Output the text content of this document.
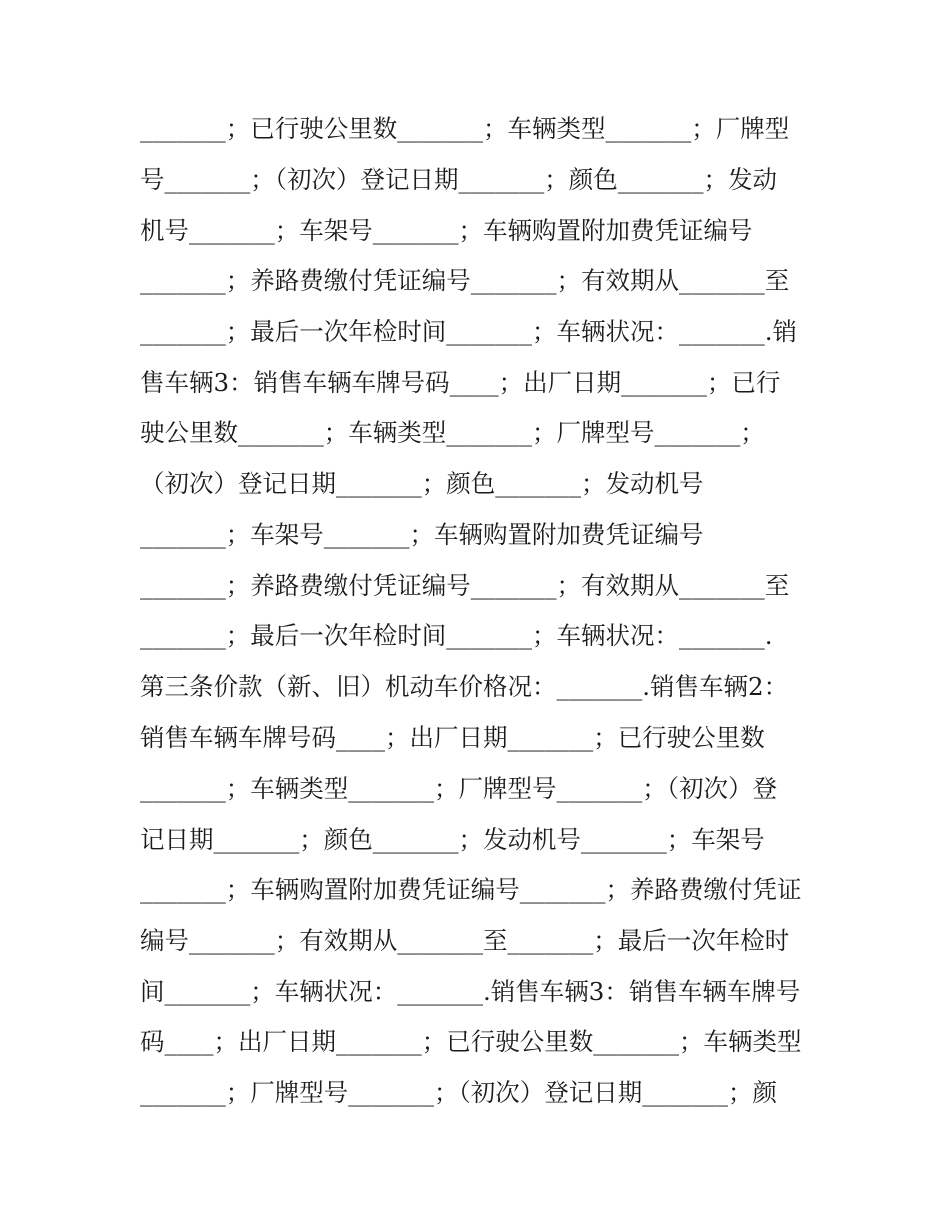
_______；已行驶公里数_______；车辆类型_______；厂牌型
号_______；（初次）登记日期_______；颜色_______；发动
机号_______；车架号_______；车辆购置附加费凭证编号
_______；养路费缴付凭证编号_______；有效期从_______至
_______；最后一次年检时间_______；车辆状况：_______.销
售车辆3：销售车辆车牌号码____；出厂日期_______；已行
驶公里数_______；车辆类型_______；厂牌型号_______；
（初次）登记日期_______；颜色_______；发动机号
_______；车架号_______；车辆购置附加费凭证编号
_______；养路费缴付凭证编号_______；有效期从_______至
_______；最后一次年检时间_______；车辆状况：_______.
第三条价款（新、旧）机动车价格况：_______.销售车辆2：
销售车辆车牌号码____；出厂日期_______；已行驶公里数
_______；车辆类型_______；厂牌型号_______；（初次）登
记日期_______；颜色_______；发动机号_______；车架号
_______；车辆购置附加费凭证编号_______；养路费缴付凭证
编号_______；有效期从_______至_______；最后一次年检时
间_______；车辆状况：_______.销售车辆3：销售车辆车牌号
码____；出厂日期_______；已行驶公里数_______；车辆类型
_______；厂牌型号_______；（初次）登记日期_______；颜
